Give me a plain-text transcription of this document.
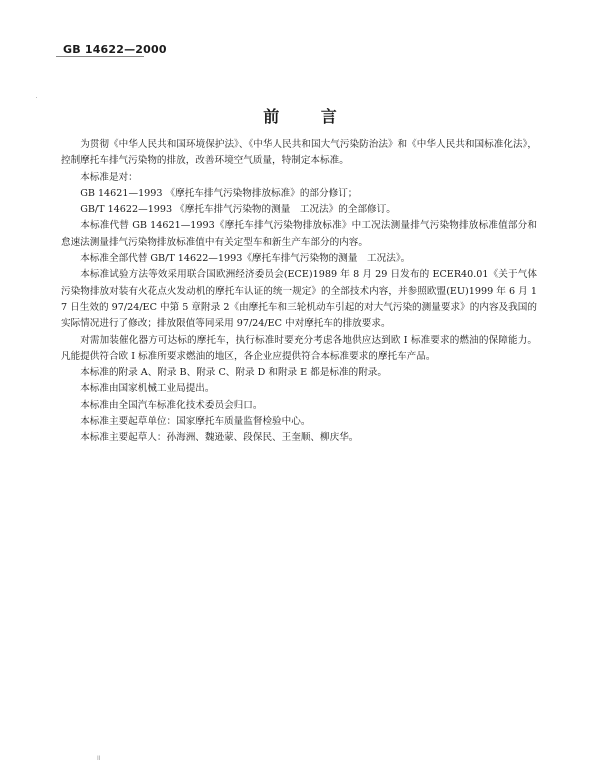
GB 14622—2000
前 言

为贯彻《中华人民共和国环境保护法》、《中华人民共和国大气污染防治法》和《中华人民共和国标准化法》，控制摩托车排气污染物的排放，改善环境空气质量，特制定本标准。

本标准是对：

GB 14621—1993 《摩托车排气污染物排放标准》的部分修订；

GB/T 14622—1993 《摩托车排气污染物的测量　工况法》的全部修订。

本标准代替 GB 14621—1993《摩托车排气污染物排放标准》中工况法测量排气污染物排放标准值部分和怠速法测量排气污染物排放标准值中有关定型车和新生产车部分的内容。

本标准全部代替 GB/T 14622—1993《摩托车排气污染物的测量　工况法》。

本标准试验方法等效采用联合国欧洲经济委员会(ECE)1989 年 8 月 29 日发布的 ECER40.01《关于气体污染物排放对装有火花点火发动机的摩托车认证的统一规定》的全部技术内容，并参照欧盟(EU)1999 年 6 月 17 日生效的 97/24/EC 中第 5 章附录 2《由摩托车和三轮机动车引起的对大气污染的测量要求》的内容及我国的实际情况进行了修改；排放限值等同采用 97/24/EC 中对摩托车的排放要求。

对需加装催化器方可达标的摩托车，执行标准时要充分考虑各地供应达到欧 Ⅰ 标准要求的燃油的保障能力。凡能提供符合欧 Ⅰ 标准所要求燃油的地区，各企业应提供符合本标准要求的摩托车产品。

本标准的附录 A、附录 B、附录 C、附录 D 和附录 E 都是标准的附录。

本标准由国家机械工业局提出。

本标准由全国汽车标准化技术委员会归口。

本标准主要起草单位：国家摩托车质量监督检验中心。

本标准主要起草人：孙海洲、魏逊蒙、段保民、王奎顺、柳庆华。

II
